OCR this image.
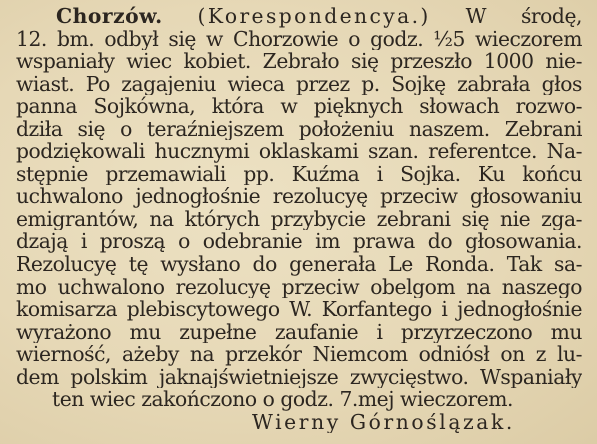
Chorzów. (Korespondencya.) W środę,
12. bm. odbył się w Chorzowie o godz. ½5 wieczorem
wspaniały wiec kobiet. Zebrało się przeszło 1000 nie-
wiast. Po zagajeniu wieca przez p. Sojkę zabrała głos
panna Sojkówna, która w pięknych słowach rozwo-
dziła się o teraźniejszem położeniu naszem. Zebrani
podziękowali hucznymi oklaskami szan. referentce. Na-
stępnie przemawiali pp. Kuźma i Sojka. Ku końcu
uchwalono jednogłośnie rezolucyę przeciw głosowaniu
emigrantów, na których przybycie zebrani się nie zga-
dzają i proszą o odebranie im prawa do głosowania.
Rezolucyę tę wysłano do generała Le Ronda. Tak sa-
mo uchwalono rezolucyę przeciw obelgom na naszego
komisarza plebiscytowego W. Korfantego i jednogłośnie
wyrażono mu zupełne zaufanie i przyrzeczono mu
wierność, ażeby na przekór Niemcom odniósł on z lu-
dem polskim jaknajświetniejsze zwycięstwo. Wspaniały
ten wiec zakończono o godz. 7.mej wieczorem.
Wierny Górnoślązak.
